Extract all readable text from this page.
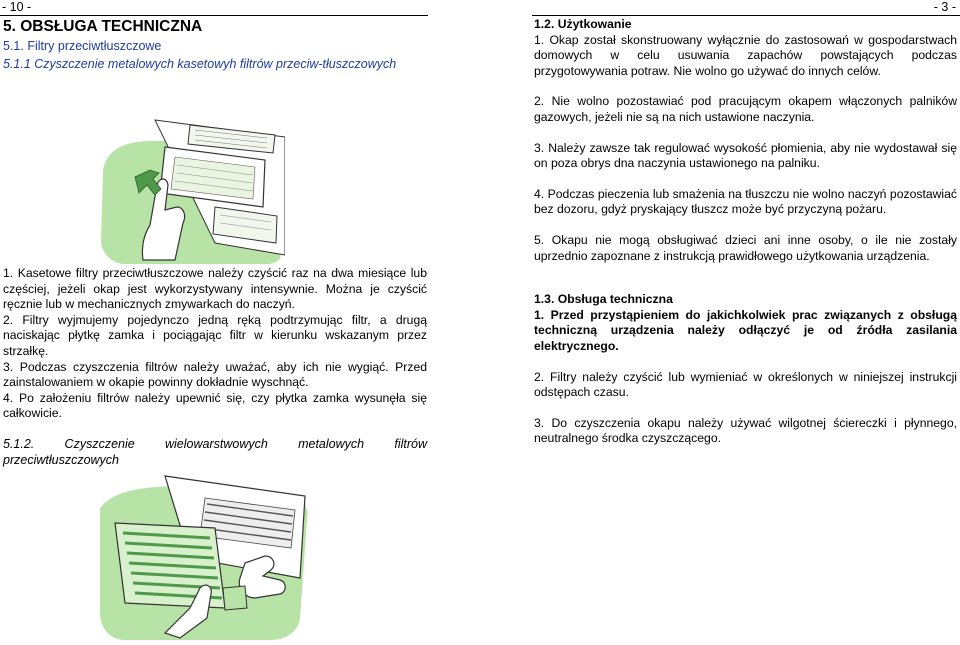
- 10 -

5. OBSŁUGA TECHNICZNA

5.1. Filtry przeciwtłuszczowe

5.1.1 Czyszczenie metalowych kasetowyh filtrów przeciw-tłuszczowych

1. Kasetowe filtry przeciwtłuszczowe należy czyścić raz na dwa miesiące lub częściej, jeżeli okap jest wykorzystywany intensywnie. Można je czyścić ręcznie lub w mechanicznych zmywarkach do naczyń.

2. Filtry wyjmujemy pojedynczo jedną ręką podtrzymując filtr, a drugą naciskając płytkę zamka i pociągając filtr w kierunku wskazanym przez strzałkę.

3. Podczas czyszczenia filtrów należy uważać, aby ich nie wygiąć. Przed zainstalowaniem w okapie powinny dokładnie wyschnąć.

4. Po założeniu filtrów należy upewnić się, czy płytka zamka wysunęła się całkowicie.

5.1.2. Czyszczenie wielowarstwowych metalowych filtrów przeciwtłuszczowych

- 3 -

1.2. Użytkowanie

1. Okap został skonstruowany wyłącznie do zastosowań w gospodarstwach domowych w celu usuwania zapachów powstających podczas przygotowywania potraw. Nie wolno go używać do innych celów.

2. Nie wolno pozostawiać pod pracującym okapem włączonych palników gazowych, jeżeli nie są na nich ustawione naczynia.

3. Należy zawsze tak regulować wysokość płomienia, aby nie wydostawał się on poza obrys dna naczynia ustawionego na palniku.

4. Podczas pieczenia lub smażenia na tłuszczu nie wolno naczyń pozostawiać bez dozoru, gdyż pryskający tłuszcz może być przyczyną pożaru.

5. Okapu nie mogą obsługiwać dzieci ani inne osoby, o ile nie zostały uprzednio zapoznane z instrukcją prawidłowego użytkowania urządzenia.

1.3. Obsługa techniczna

1. Przed przystąpieniem do jakichkolwiek prac związanych z obsługą techniczną urządzenia należy odłączyć je od źródła zasilania elektrycznego.

2. Filtry należy czyścić lub wymieniać w określonych w niniejszej instrukcji odstępach czasu.

3. Do czyszczenia okapu należy używać wilgotnej ściereczki i płynnego, neutralnego środka czyszczącego.
